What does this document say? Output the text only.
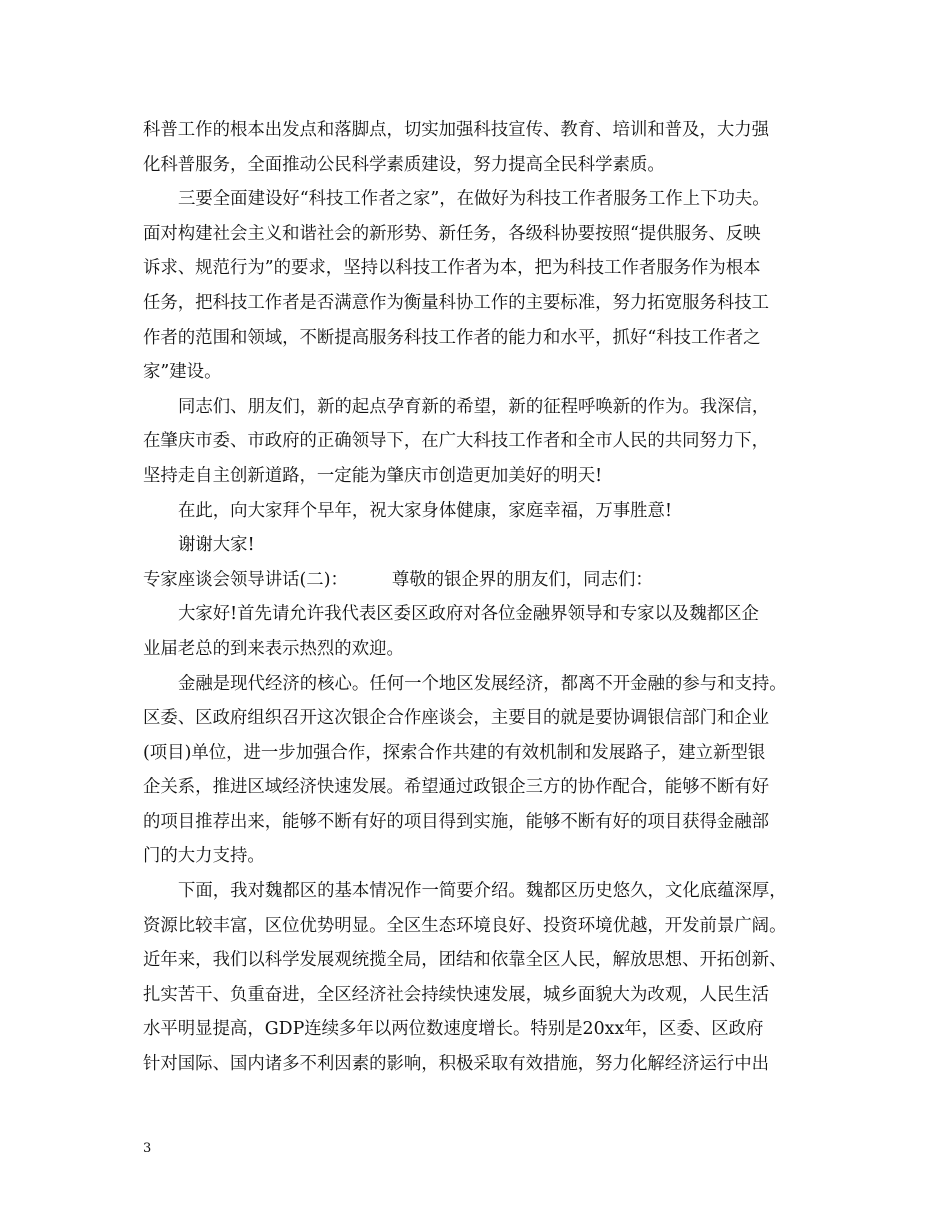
科普工作的根本出发点和落脚点，切实加强科技宣传、教育、培训和普及，大力强
化科普服务，全面推动公民科学素质建设，努力提高全民科学素质。
三要全面建设好“科技工作者之家”，在做好为科技工作者服务工作上下功夫。
面对构建社会主义和谐社会的新形势、新任务，各级科协要按照“提供服务、反映
诉求、规范行为”的要求，坚持以科技工作者为本，把为科技工作者服务作为根本
任务，把科技工作者是否满意作为衡量科协工作的主要标准，努力拓宽服务科技工
作者的范围和领域，不断提高服务科技工作者的能力和水平，抓好“科技工作者之
家”建设。
同志们、朋友们，新的起点孕育新的希望，新的征程呼唤新的作为。我深信，
在肇庆市委、市政府的正确领导下，在广大科技工作者和全市人民的共同努力下，
坚持走自主创新道路，一定能为肇庆市创造更加美好的明天!
在此，向大家拜个早年，祝大家身体健康，家庭幸福，万事胜意!
谢谢大家!
专家座谈会领导讲话(二)：	尊敬的银企界的朋友们，同志们：
大家好!首先请允许我代表区委区政府对各位金融界领导和专家以及魏都区企
业届老总的到来表示热烈的欢迎。
金融是现代经济的核心。任何一个地区发展经济，都离不开金融的参与和支持。
区委、区政府组织召开这次银企合作座谈会，主要目的就是要协调银信部门和企业
(项目)单位，进一步加强合作，探索合作共建的有效机制和发展路子，建立新型银
企关系，推进区域经济快速发展。希望通过政银企三方的协作配合，能够不断有好
的项目推荐出来，能够不断有好的项目得到实施，能够不断有好的项目获得金融部
门的大力支持。
下面，我对魏都区的基本情况作一简要介绍。魏都区历史悠久，文化底蕴深厚，
资源比较丰富，区位优势明显。全区生态环境良好、投资环境优越，开发前景广阔。
近年来，我们以科学发展观统揽全局，团结和依靠全区人民，解放思想、开拓创新、
扎实苦干、负重奋进，全区经济社会持续快速发展，城乡面貌大为改观，人民生活
水平明显提高，GDP连续多年以两位数速度增长。特别是20xx年，区委、区政府
针对国际、国内诸多不利因素的影响，积极采取有效措施，努力化解经济运行中出
3
